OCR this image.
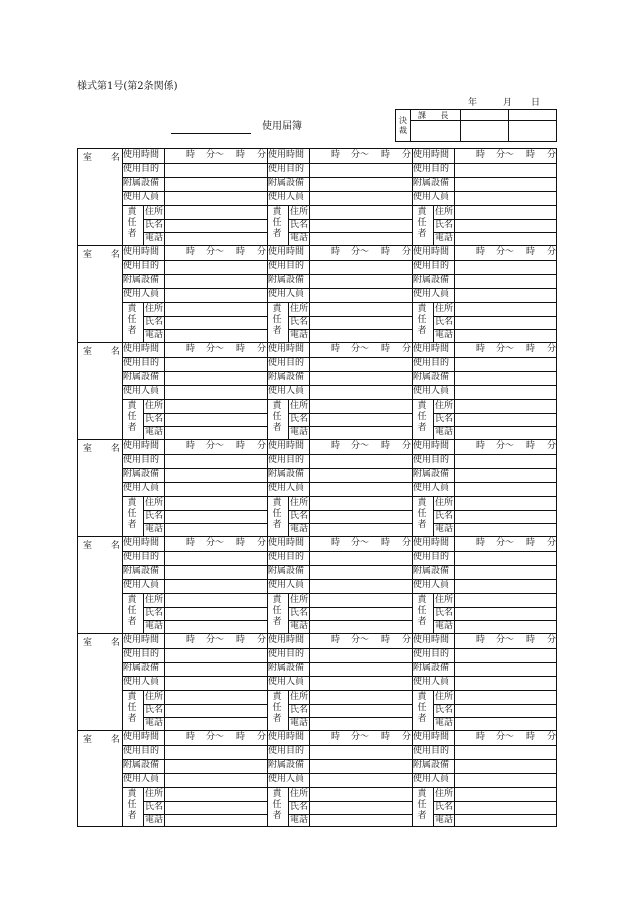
様式第1号(第2条関係)
年	月 日
使用届簿
決裁
課 長
室 名
使用時間
使用目的
附属設備
使用人員
責任者
住所
氏名
電話
時 分〜 時 分 使用時間
使用目的
附属設備
使用人員
責任者
住所
氏名
電話
時 分〜 時 分 使用時間
使用目的
附属設備
使用人員
責任者
住所
氏名
電話
時 分〜 時 分
室 名
使用時間
使用目的
附属設備
使用人員
責任者
住所
氏名
電話
時 分〜 時 分 使用時間
使用目的
附属設備
使用人員
責任者
住所
氏名
電話
時 分〜 時 分 使用時間
使用目的
附属設備
使用人員
責任者
住所
氏名
電話
時 分〜 時 分
室 名
使用時間
使用目的
附属設備
使用人員
責任者
住所
氏名
電話
時 分〜 時 分 使用時間
使用目的
附属設備
使用人員
責任者
住所
氏名
電話
時 分〜 時 分 使用時間
使用目的
附属設備
使用人員
責任者
住所
氏名
電話
時 分〜 時 分
室 名
使用時間
使用目的
附属設備
使用人員
責任者
住所
氏名
電話
時 分〜 時 分 使用時間
使用目的
附属設備
使用人員
責任者
住所
氏名
電話
時 分〜 時 分 使用時間
使用目的
附属設備
使用人員
責任者
住所
氏名
電話
時 分〜 時 分
室 名
使用時間
使用目的
附属設備
使用人員
責任者
住所
氏名
電話
時 分〜 時 分 使用時間
使用目的
附属設備
使用人員
責任者
住所
氏名
電話
時 分〜 時 分 使用時間
使用目的
附属設備
使用人員
責任者
住所
氏名
電話
時 分〜 時 分
室 名
使用時間
使用目的
附属設備
使用人員
責任者
住所
氏名
電話
時 分〜 時 分 使用時間
使用目的
附属設備
使用人員
責任者
住所
氏名
電話
時 分〜 時 分 使用時間
使用目的
附属設備
使用人員
責任者
住所
氏名
電話
時 分〜 時 分
室 名
使用時間
使用目的
附属設備
使用人員
責任者
住所
氏名
電話
時 分〜 時 分 使用時間
使用目的
附属設備
使用人員
責任者
住所
氏名
電話
時 分〜 時 分 使用時間
使用目的
附属設備
使用人員
責任者
住所
氏名
電話
時 分〜 時 分
